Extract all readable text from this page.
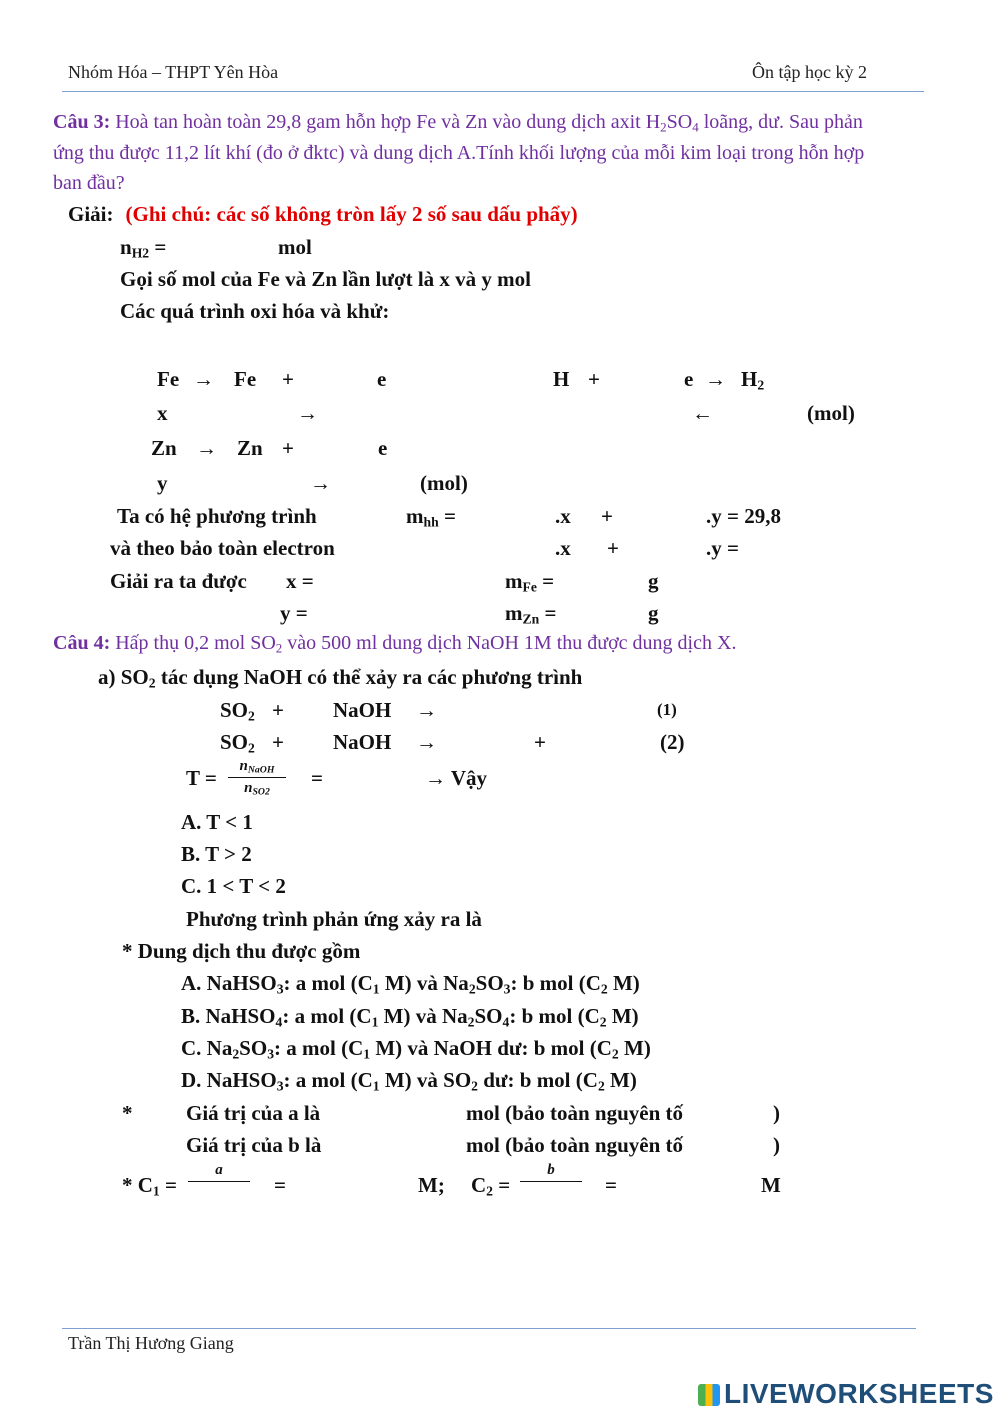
Nhóm Hóa – THPT Yên Hòa	Ôn tập học kỳ 2
Câu 3: Hoà tan hoàn toàn 29,8 gam hỗn hợp Fe và Zn vào dung dịch axit $H_2SO_4$ loãng, dư. Sau phản
ứng thu được 11,2 lít khí (đo ở đktc) và dung dịch A.Tính khối lượng của mỗi kim loại trong hỗn hợp
ban đầu?
Giải: (Ghi chú: các số không tròn lấy 2 số sau dấu phẩy)
$n_{H2}$ =	mol
Gọi số mol của Fe và Zn lần lượt là x và y mol
Các quá trình oxi hóa và khử:
Fe → Fe +	e	H +	$e \to H_2$
x	→	←	(mol)
Zn → Zn +	e
y	→	(mol)
Ta có hệ phương trình	$m_{hh}$ =	.x +	.y = 29,8
và theo bảo toàn electron	.x +	.y =
Giải ra ta được x =	$m_{Fe}$ =	g
y =	$m_{Zn}$ =	g
Câu 4: Hấp thụ 0,2 mol $SO_2$ vào 500 ml dung dịch NaOH 1M thu được dung dịch X.
a) $SO_2$ tác dụng NaOH có thể xảy ra các phương trình
$SO_2$ + NaOH →	(1)
$SO_2$ + NaOH →	+	(2)
T =	$n_{NaOH}$
$n_{SO2}$
=	→ Vậy
A. T < 1
B. T > 2
C. 1 < T < 2
Phương trình phản ứng xảy ra là
* Dung dịch thu được gồm
A. NaHSO$_3$: a mol ($C_1$ M) và $Na_2SO_3$: b mol ($C_2$ M)
B. NaHSO$_4$: a mol ($C_1$ M) và $Na_2SO_4$: b mol ($C_2$ M)
C. $Na_2SO_3$: a mol ($C_1$ M) và NaOH dư: b mol ($C_2$ M)
D. NaHSO$_3$: a mol ($C_1$ M) và $SO_2$ dư: b mol ($C_2$ M)
*	Giá trị của a là	mol (bảo toàn nguyên tố	)
Giá trị của b là	mol (bảo toàn nguyên tố	)
* $C_1$ =
a
=	M; $C_2$ =
b
=	M
Trần Thị Hương Giang
LIVEWORKSHEETS
